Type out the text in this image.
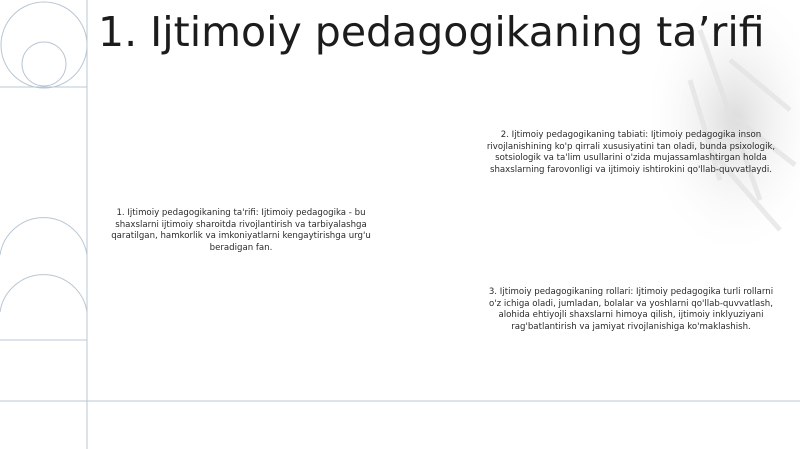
1. Ijtimoiy pedagogikaning ta’rifi
1. Ijtimoiy pedagogikaning ta'rifi: Ijtimoiy pedagogika - bu shaxslarni ijtimoiy sharoitda rivojlantirish va tarbiyalashga qaratilgan, hamkorlik va imkoniyatlarni kengaytirishga urg'u beradigan fan.
2. Ijtimoiy pedagogikaning tabiati: Ijtimoiy pedagogika inson rivojlanishining ko'p qirrali xususiyatini tan oladi, bunda psixologik, sotsiologik va ta'lim usullarini o'zida mujassamlashtirgan holda shaxslarning farovonligi va ijtimoiy ishtirokini qo'llab-quvvatlaydi.
3. Ijtimoiy pedagogikaning rollari: Ijtimoiy pedagogika turli rollarni o'z ichiga oladi, jumladan, bolalar va yoshlarni qo'llab-quvvatlash, alohida ehtiyojli shaxslarni himoya qilish, ijtimoiy inklyuziyani rag'batlantirish va jamiyat rivojlanishiga ko'maklashish.
